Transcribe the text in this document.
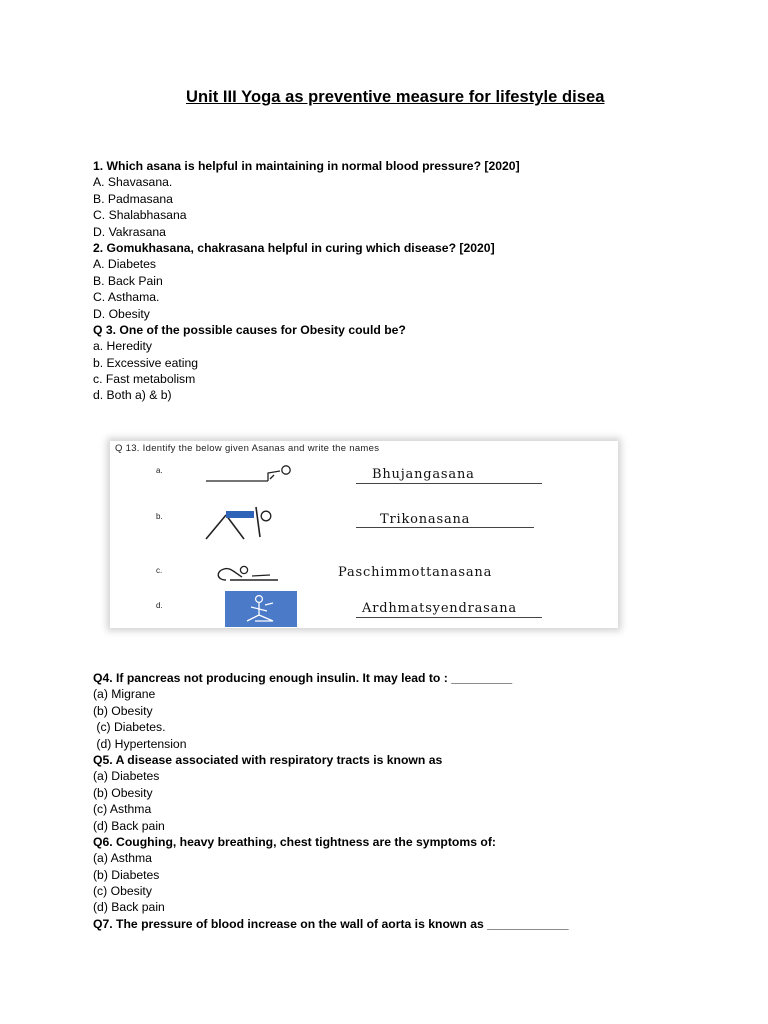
Unit III Yoga as preventive measure for lifestyle disea
1. Which asana is helpful in maintaining in normal blood pressure? [2020]
A. Shavasana.
B. Padmasana
C. Shalabhasana
D. Vakrasana
2. Gomukhasana, chakrasana helpful in curing which disease? [2020]
A. Diabetes
B. Back Pain
C. Asthama.
D. Obesity
Q 3. One of the possible causes for Obesity could be?
a. Heredity
b. Excessive eating
c. Fast metabolism
d. Both a) & b)
Q 13. Identify the below given Asanas and write the names
a.	Bhujangasana
b.	Trikonasana
c.	Paschimmottanasana
d.	Ardhmatsyendrasana
Q4. If pancreas not producing enough insulin. It may lead to : _________
(a) Migrane
(b) Obesity
(c) Diabetes.
(d) Hypertension
Q5. A disease associated with respiratory tracts is known as
(a) Diabetes
(b) Obesity
(c) Asthma
(d) Back pain
Q6. Coughing, heavy breathing, chest tightness are the symptoms of:
(a) Asthma
(b) Diabetes
(c) Obesity
(d) Back pain
Q7. The pressure of blood increase on the wall of aorta is known as ____________
